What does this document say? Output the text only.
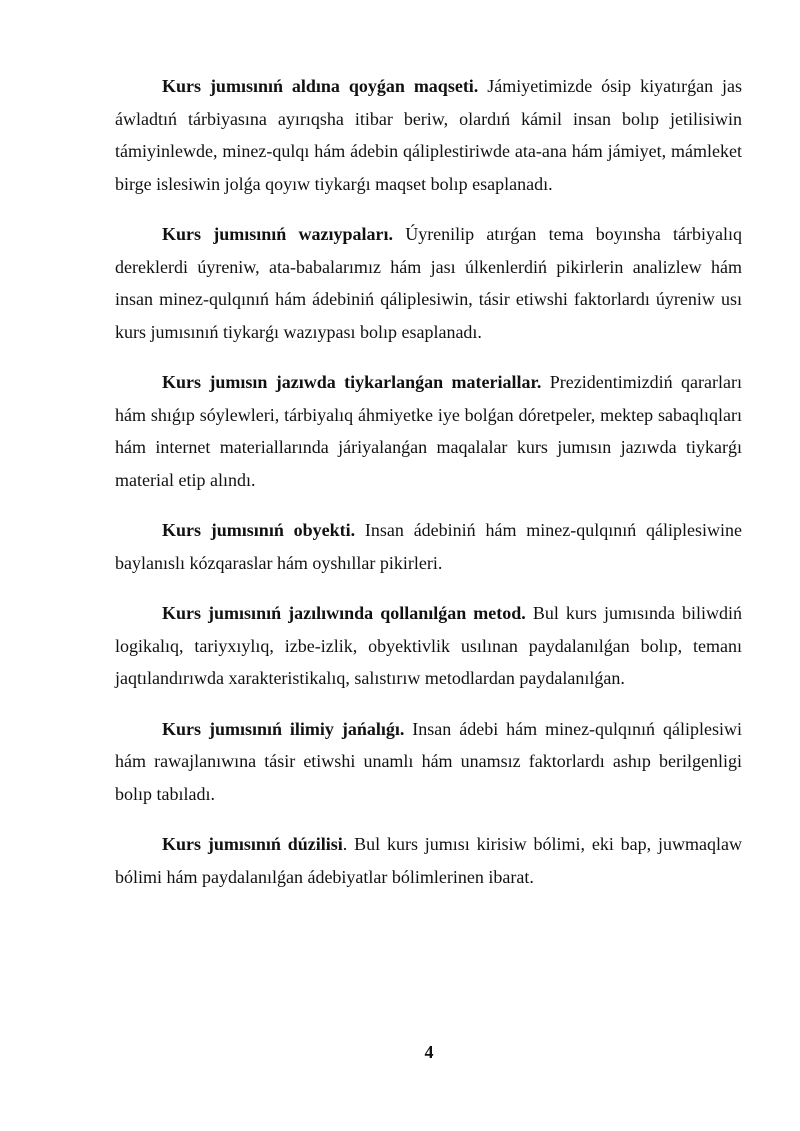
Kurs jumısınıń aldına qoyǵan maqseti. Jámiyetimizde ósip kiyatırǵan jas áwladtıń tárbiyasına ayırıqsha itibar beriw, olardıń kámil insan bolıp jetilisiwin támiyinlewde, minez-qulqı hám ádebin qáliplestiriwde ata-ana hám jámiyet, mámleket birge islesiwin jolǵa qoyıw tiykarǵı maqset bolıp esaplanadı.

Kurs jumısınıń wazıypaları. Úyrenilip atırǵan tema boyınsha tárbiyalıq dereklerdi úyreniw, ata-babalarımız hám jası úlkenlerdiń pikirlerin analizlew hám insan minez-qulqınıń hám ádebiniń qáliplesiwin, tásir etiwshi faktorlardı úyreniw usı kurs jumısınıń tiykarǵı wazıypası bolıp esaplanadı.

Kurs jumısın jazıwda tiykarlanǵan materiallar. Prezidentimizdiń qararları hám shıǵıp sóylewleri, tárbiyalıq áhmiyetke iye bolǵan dóretpeler, mektep sabaqlıqları hám internet materiallarında járiyalanǵan maqalalar kurs jumısın jazıwda tiykarǵı material etip alındı.

Kurs jumısınıń obyekti. Insan ádebiniń hám minez-qulqınıń qáliplesiwine baylanıslı kózqaraslar hám oyshıllar pikirleri.

Kurs jumısınıń jazılıwında qollanılǵan metod. Bul kurs jumısında biliwdiń logikalıq, tariyxıylıq, izbe-izlik, obyektivlik usılınan paydalanılǵan bolıp, temanı jaqtılandırıwda xarakteristikalıq, salıstırıw metodlardan paydalanılǵan.

Kurs jumısınıń ilimiy jańalıǵı. Insan ádebi hám minez-qulqınıń qáliplesiwi hám rawajlanıwına tásir etiwshi unamlı hám unamsız faktorlardı ashıp berilgenligi bolıp tabıladı.

Kurs jumısınıń dúzilisi. Bul kurs jumısı kirisiw bólimi, eki bap, juwmaqlaw bólimi hám paydalanılǵan ádebiyatlar bólimlerinen ibarat.

4
